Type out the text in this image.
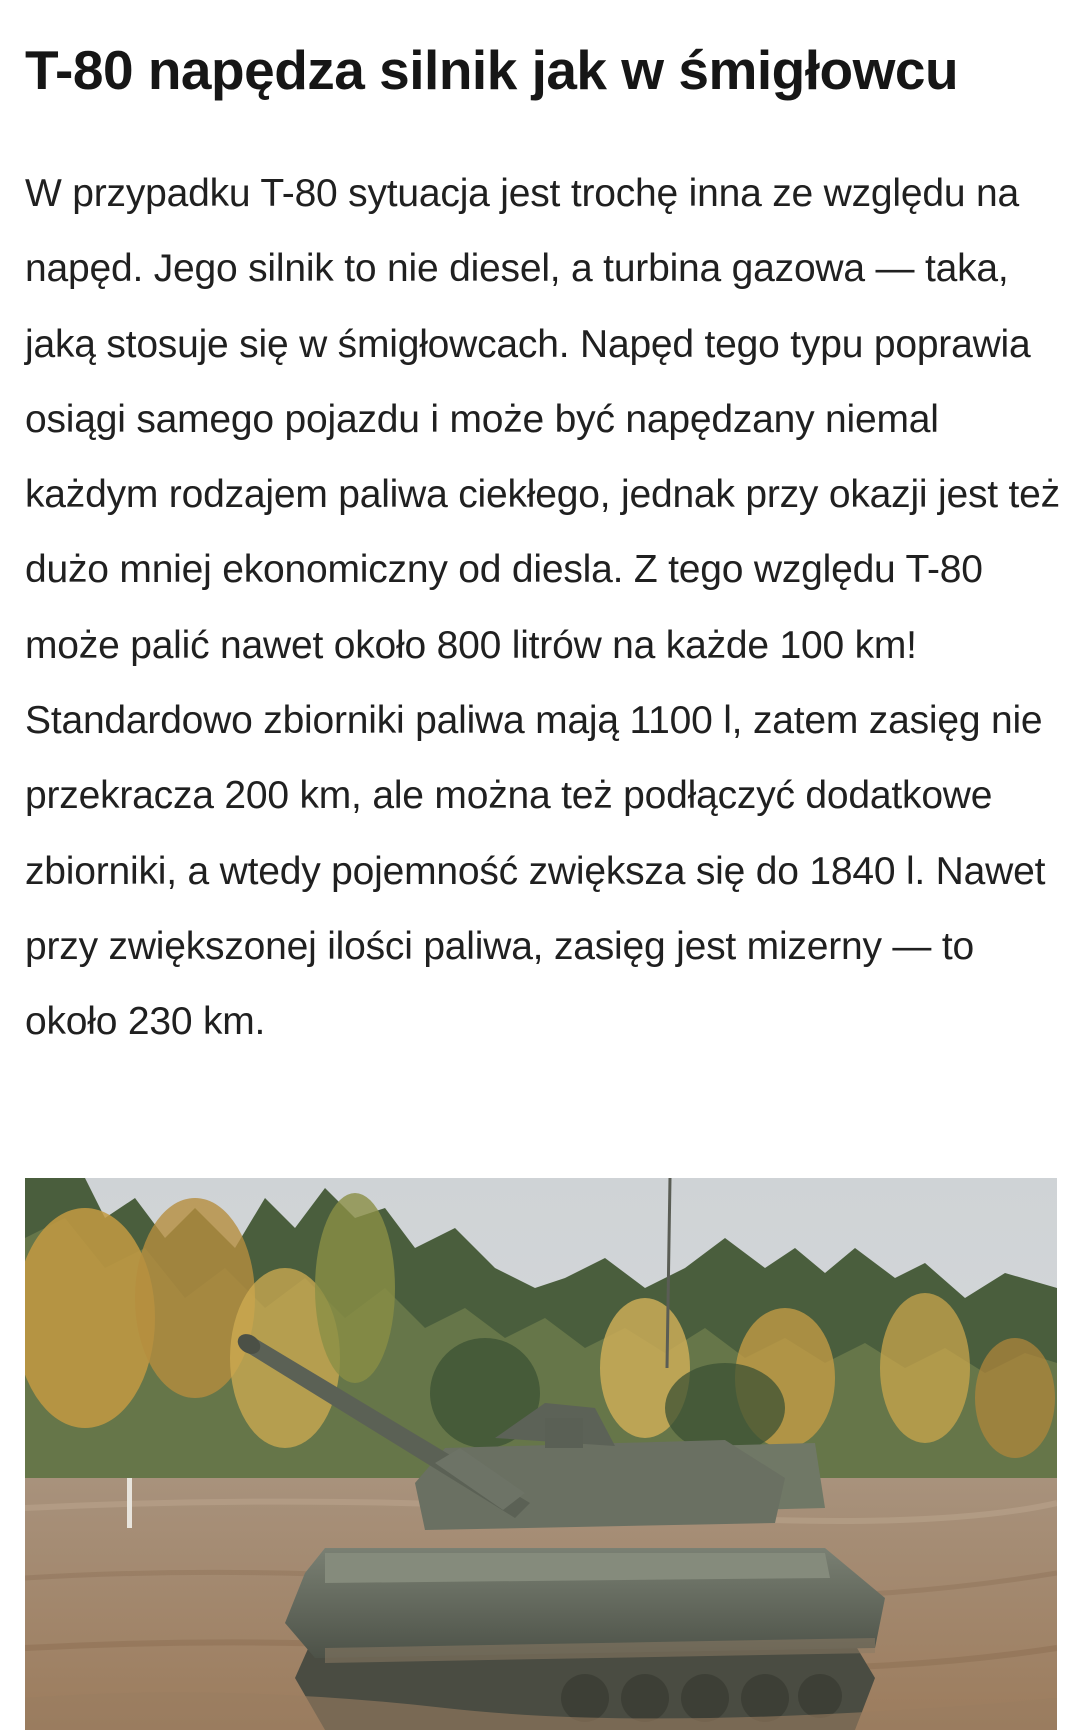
T-80 napędza silnik jak w śmigłowcu

W przypadku T-80 sytuacja jest trochę inna ze względu na napęd. Jego silnik to nie diesel, a turbina gazowa — taka, jaką stosuje się w śmigłowcach. Napęd tego typu poprawia osiągi samego pojazdu i może być napędzany niemal każdym rodzajem paliwa ciekłego, jednak przy okazji jest też dużo mniej ekonomiczny od diesla. Z tego względu T-80 może palić nawet około 800 litrów na każde 100 km! Standardowo zbiorniki paliwa mają 1100 l, zatem zasięg nie przekracza 200 km, ale można też podłączyć dodatkowe zbiorniki, a wtedy pojemność zwiększa się do 1840 l. Nawet przy zwiększonej ilości paliwa, zasięg jest mizerny — to około 230 km.
